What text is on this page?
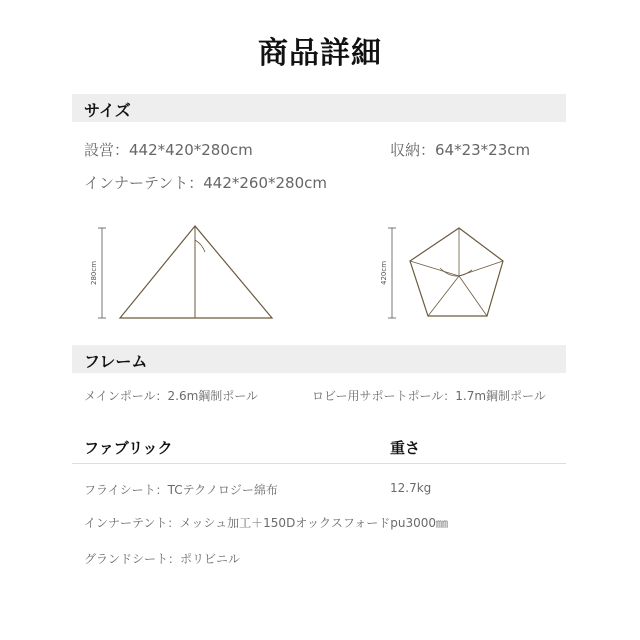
商品詳細
サイズ
設営：442*420*280cm	収納：64*23*23cm
インナーテント：442*260*280cm
280cm	420cm
フレーム
メインポール：2.6m鋼制ポール	ロビー用サポートポール：1.7m鋼制ポール
ファブリック	重さ
フライシート：TCテクノロジー綿布	12.7kg
インナーテント：メッシュ加工＋150Dオックスフォードpu3000㎜
グランドシート：ポリビニル
